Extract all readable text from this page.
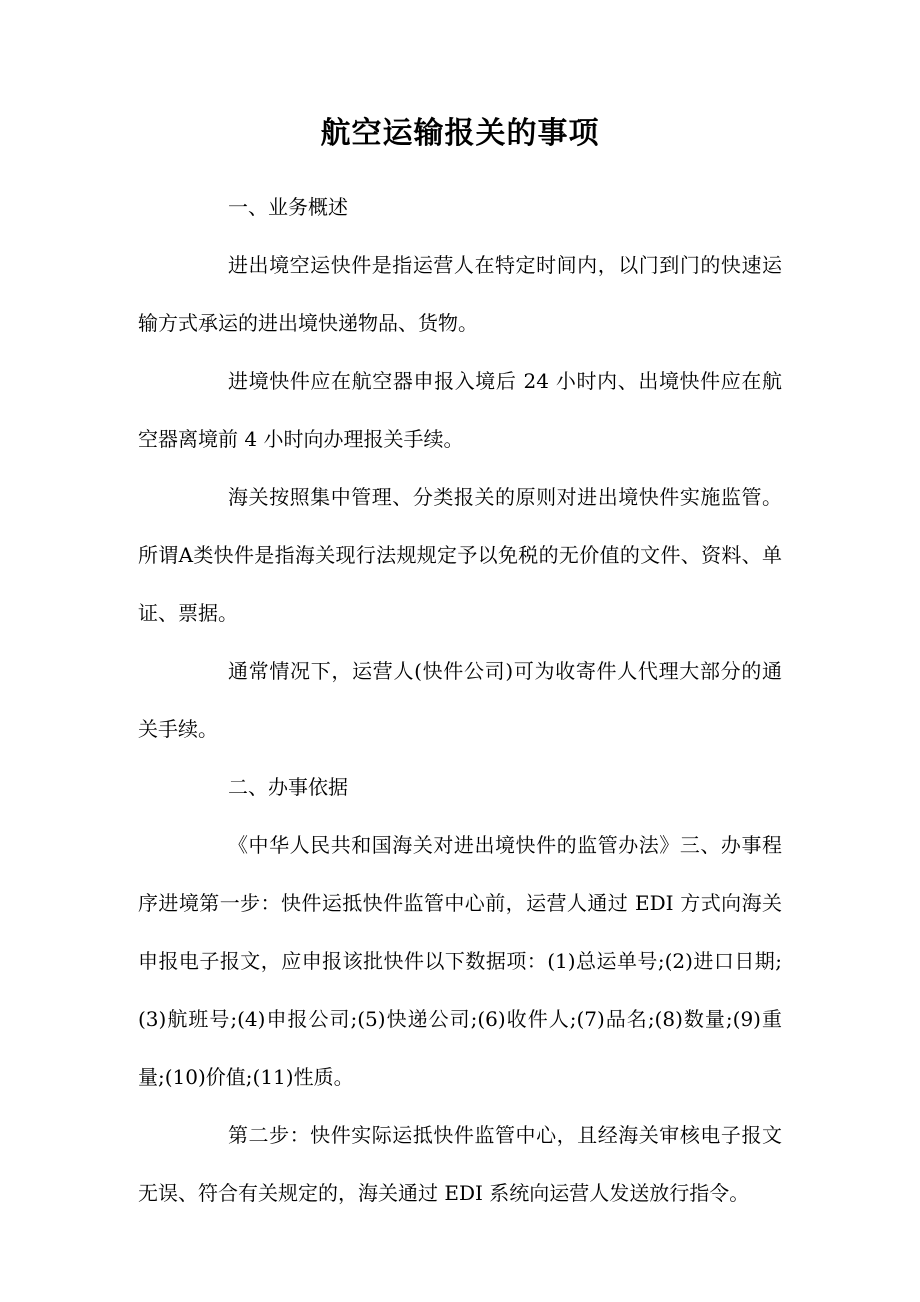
航空运输报关的事项

一、业务概述

进出境空运快件是指运营人在特定时间内，以门到门的快速运输方式承运的进出境快递物品、货物。

进境快件应在航空器申报入境后 24 小时内、出境快件应在航空器离境前 4 小时向办理报关手续。

海关按照集中管理、分类报关的原则对进出境快件实施监管。所谓A类快件是指海关现行法规规定予以免税的无价值的文件、资料、单证、票据。

通常情况下，运营人(快件公司)可为收寄件人代理大部分的通关手续。

二、办事依据

《中华人民共和国海关对进出境快件的监管办法》三、办事程序进境第一步：快件运抵快件监管中心前，运营人通过 EDI 方式向海关申报电子报文，应申报该批快件以下数据项：(1)总运单号;(2)进口日期;(3)航班号;(4)申报公司;(5)快递公司;(6)收件人;(7)品名;(8)数量;(9)重量;(10)价值;(11)性质。

第二步：快件实际运抵快件监管中心，且经海关审核电子报文无误、符合有关规定的，海关通过 EDI 系统向运营人发送放行指令。
